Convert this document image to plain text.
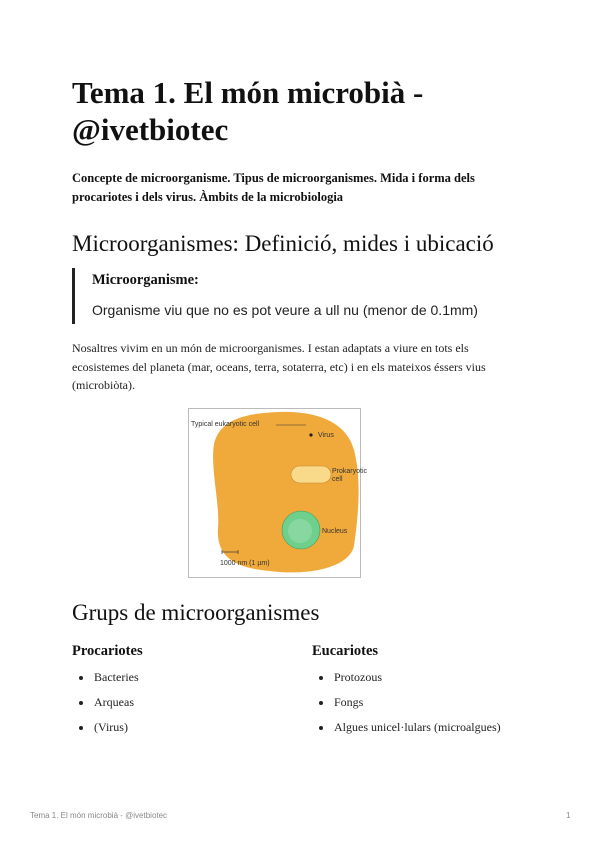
Tema 1. El món microbià - @ivetbiotec

Concepte de microorganisme. Tipus de microorganismes. Mida i forma dels procariotes i dels virus. Àmbits de la microbiologia

Microorganismes: Definició, mides i ubicació

Microorganisme:

Organisme viu que no es pot veure a ull nu (menor de 0.1mm)

Nosaltres vivim en un món de microorganismes. I estan adaptats a viure en tots els ecosistemes del planeta (mar, oceans, terra, sotaterra, etc) i en els mateixos éssers vius (microbiòta).

Typical eukaryotic cell
Virus
Prokaryotic
cell
Nucleus
1000 nm (1 µm)
Grups de microorganismes
Procariotes
Bacteries
Arqueas
(Virus)
Eucariotes
Protozous
Fongs
Algues unicel·lulars (microalgues)
Tema 1. El món microbià - @ivetbiotec	1
